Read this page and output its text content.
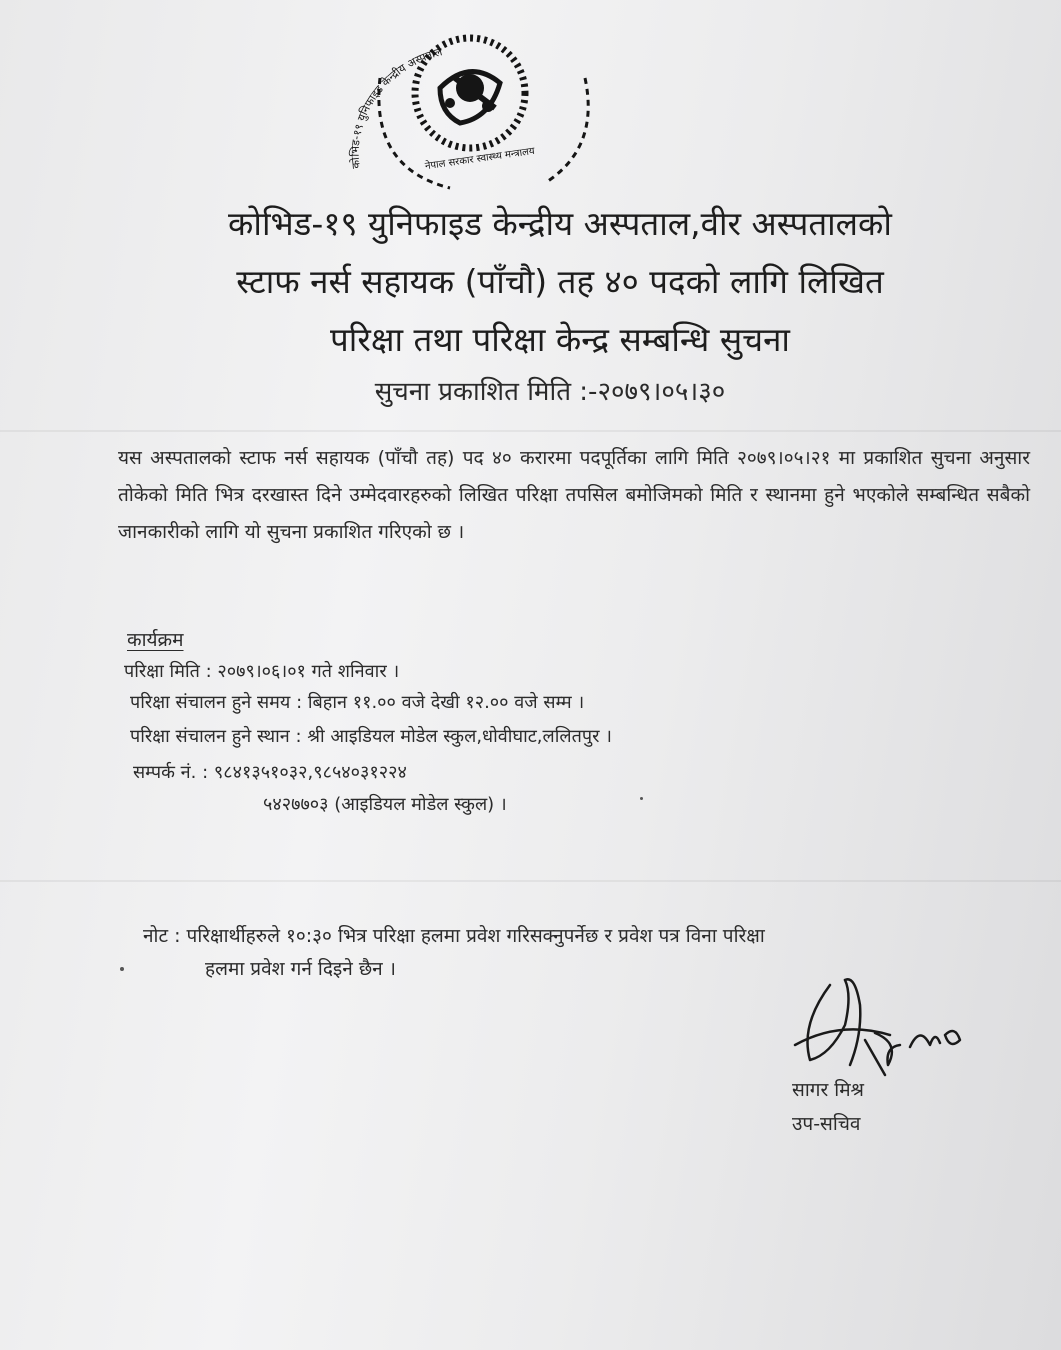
कोभिड-१९ युनिफाइड केन्द्रीय अस्पताल
नेपाल सरकार स्वास्थ्य मन्त्रालय
कोभिड-१९ युनिफाइड केन्द्रीय अस्पताल,वीर अस्पतालको
स्टाफ नर्स सहायक (पाँचौ) तह ४० पदको लागि लिखित
परिक्षा तथा परिक्षा केन्द्र सम्बन्धि सुचना
सुचना प्रकाशित मिति :-२०७९।०५।३०
यस अस्पतालको स्टाफ नर्स सहायक (पाँचौ तह) पद ४० करारमा पदपूर्तिका लागि मिति २०७९।०५।२१ मा प्रकाशित सुचना अनुसार तोकेको मिति भित्र दरखास्त दिने उम्मेदवारहरुको लिखित परिक्षा तपसिल बमोजिमको मिति र स्थानमा हुने भएकोले सम्बन्धित सबैको जानकारीको लागि यो सुचना प्रकाशित गरिएको छ ।
कार्यक्रम
परिक्षा मिति : २०७९।०६।०१ गते शनिवार ।
परिक्षा संचालन हुने समय : बिहान ११.०० वजे देखी १२.०० वजे सम्म ।
परिक्षा संचालन हुने स्थान : श्री आइडियल मोडेल स्कुल,धोवीघाट,ललितपुर ।
सम्पर्क नं. : ९८४१३५१०३२,९८५४०३१२२४
५४२७७०३ (आइडियल मोडेल स्कुल) ।
नोट : परिक्षार्थीहरुले १०:३० भित्र परिक्षा हलमा प्रवेश गरिसक्नुपर्नेछ र प्रवेश पत्र विना परिक्षा
हलमा प्रवेश गर्न दिइने छैन ।
सागर मिश्र
उप-सचिव
